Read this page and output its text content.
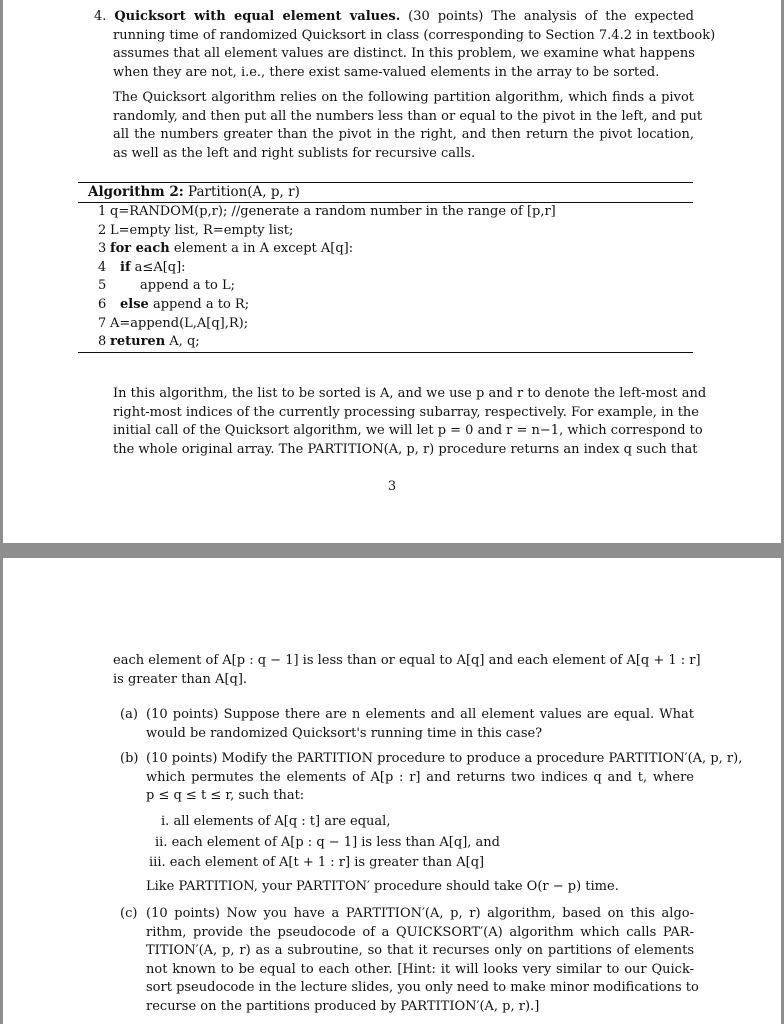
4. Quicksort with equal element values. (30 points) The analysis of the expected
running time of randomized Quicksort in class (corresponding to Section 7.4.2 in textbook)
assumes that all element values are distinct. In this problem, we examine what happens
when they are not, i.e., there exist same-valued elements in the array to be sorted.
The Quicksort algorithm relies on the following partition algorithm, which finds a pivot
randomly, and then put all the numbers less than or equal to the pivot in the left, and put
all the numbers greater than the pivot in the right, and then return the pivot location,
as well as the left and right sublists for recursive calls.
Algorithm 2: Partition(A, p, r)
1 q=RANDOM(p,r); //generate a random number in the range of [p,r]
2 L=empty list, R=empty list;
3 for each element a in A except A[q]:
4	if a≤A[q]:
5	append a to L;
6	else append a to R;
7 A=append(L,A[q],R);
8 returen A, q;
In this algorithm, the list to be sorted is A, and we use p and r to denote the left-most and
right-most indices of the currently processing subarray, respectively. For example, in the
initial call of the Quicksort algorithm, we will let p = 0 and r = n−1, which correspond to
the whole original array. The PARTITION(A, p, r) procedure returns an index q such that
3
each element of A[p : q − 1] is less than or equal to A[q] and each element of A[q + 1 : r]
is greater than A[q].
(a) (10 points) Suppose there are n elements and all element values are equal. What
would be randomized Quicksort's running time in this case?
(b) (10 points) Modify the PARTITION procedure to produce a procedure PARTITION′(A, p, r),
which permutes the elements of A[p : r] and returns two indices q and t, where
p ≤ q ≤ t ≤ r, such that:
i. all elements of A[q : t] are equal,
ii. each element of A[p : q − 1] is less than A[q], and
iii. each element of A[t + 1 : r] is greater than A[q]
Like PARTITION, your PARTITON′ procedure should take O(r − p) time.
(c) (10 points) Now you have a PARTITION′(A, p, r) algorithm, based on this algo-
rithm, provide the pseudocode of a QUICKSORT′(A) algorithm which calls PAR-
TITION′(A, p, r) as a subroutine, so that it recurses only on partitions of elements
not known to be equal to each other. [Hint: it will looks very similar to our Quick-
sort pseudocode in the lecture slides, you only need to make minor modifications to
recurse on the partitions produced by PARTITION′(A, p, r).]
